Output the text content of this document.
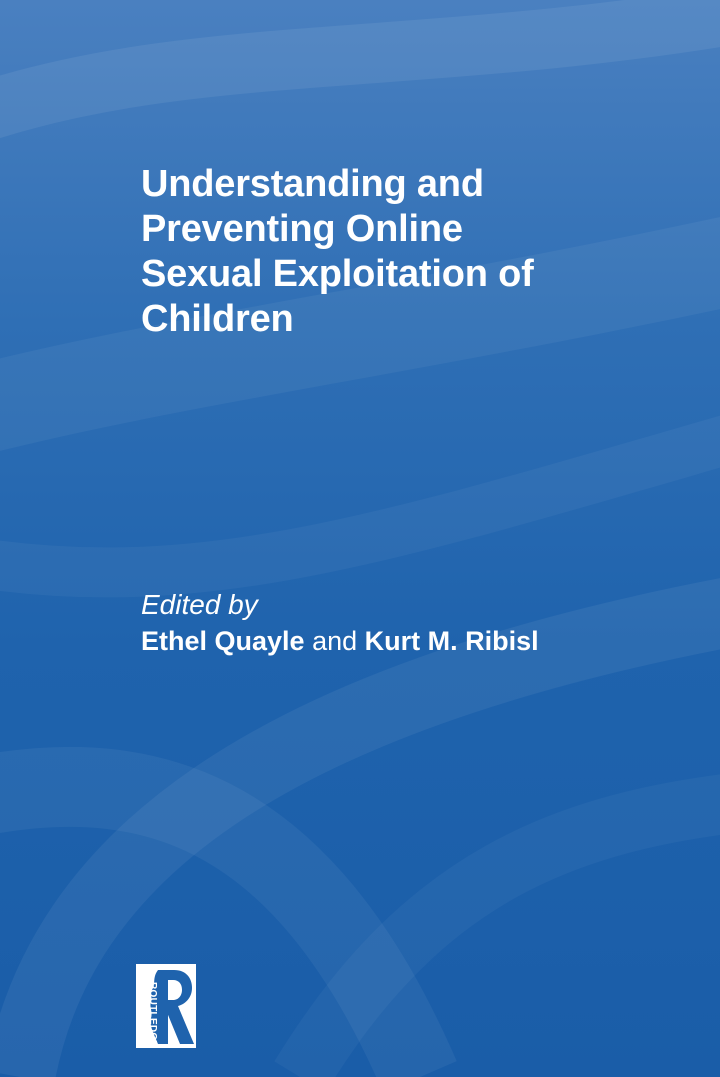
Understanding and
Preventing Online
Sexual Exploitation of
Children
Edited by
Ethel Quayle and Kurt M. Ribisl
ROUTLEDGE
